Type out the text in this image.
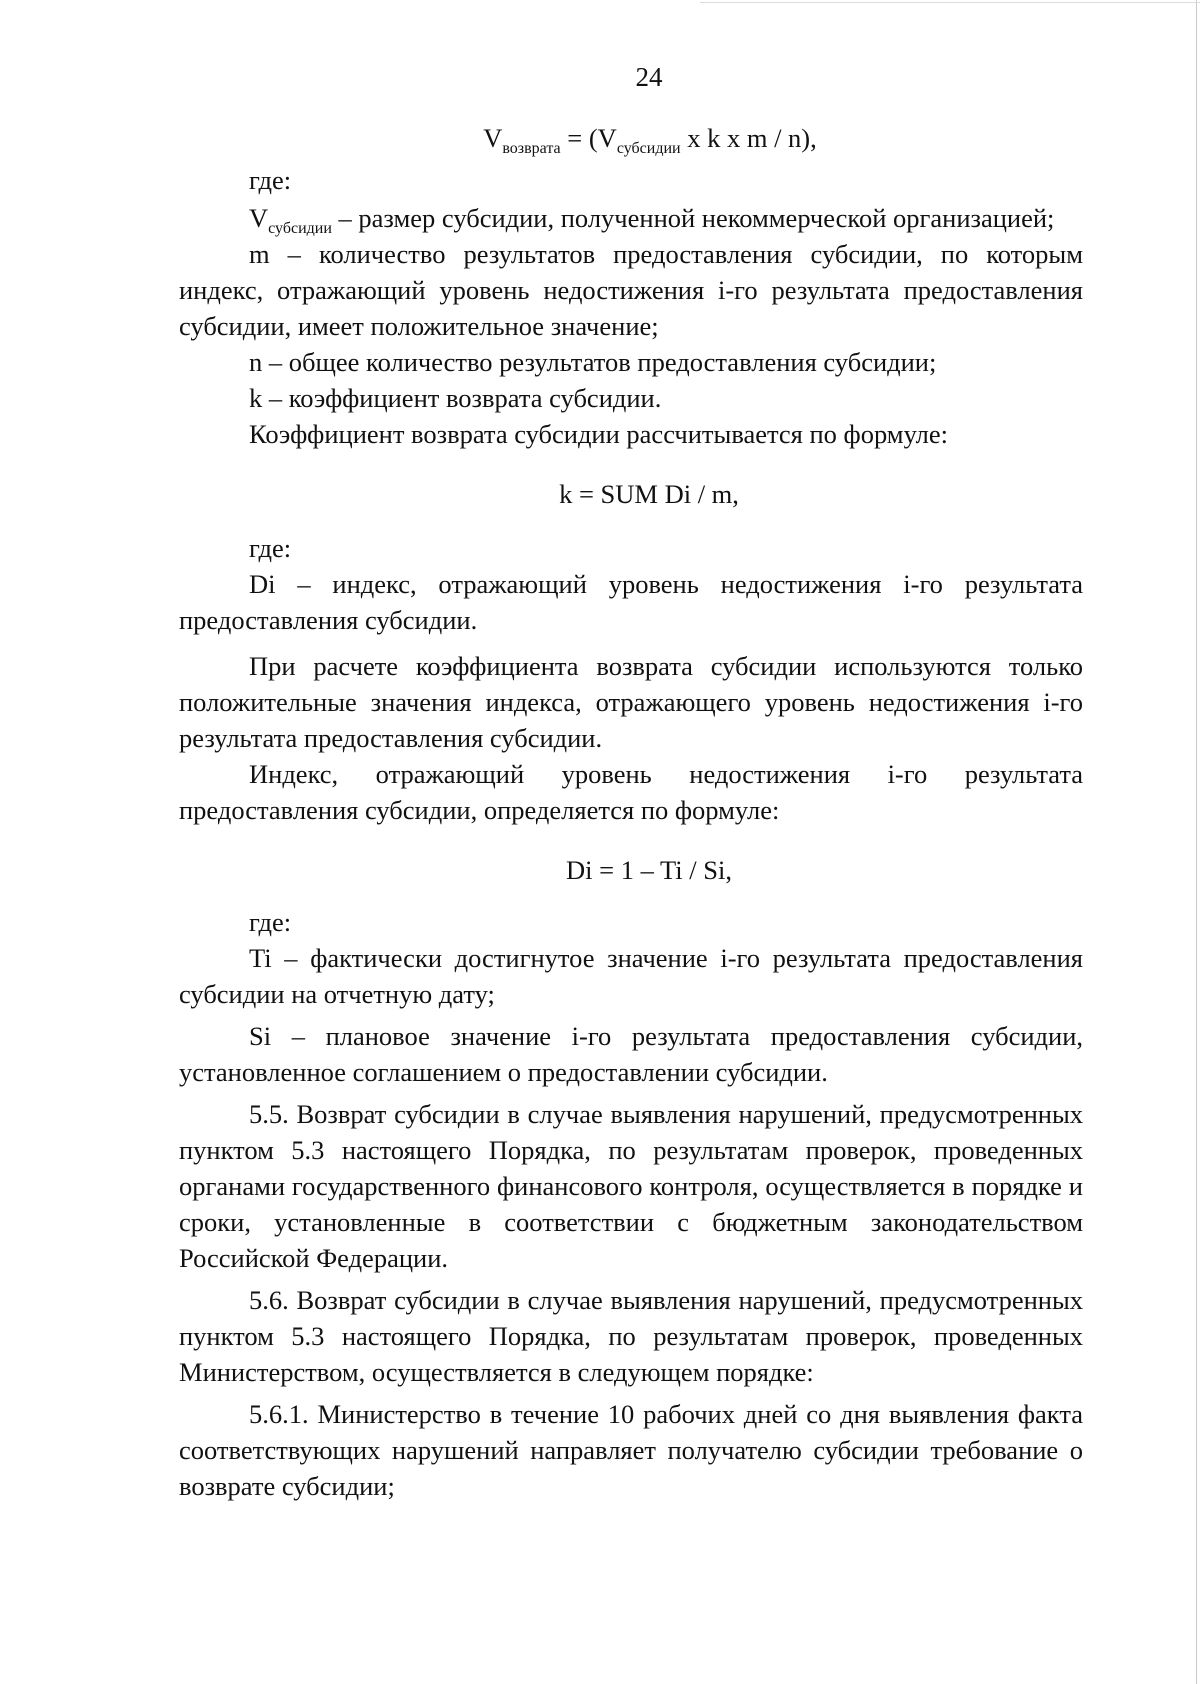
24

$V_{возврата} = (V_{субсидии}$ x k x m / n),

где:

$V_{субсидии}$ – размер субсидии, полученной некоммерческой организацией;

m – количество результатов предоставления субсидии, по которым индекс, отражающий уровень недостижения i-го результата предоставления субсидии, имеет положительное значение;

n – общее количество результатов предоставления субсидии;

k – коэффициент возврата субсидии.

Коэффициент возврата субсидии рассчитывается по формуле:

k = SUM Di / m,

где:

Di – индекс, отражающий уровень недостижения i-го результата предоставления субсидии.

При расчете коэффициента возврата субсидии используются только положительные значения индекса, отражающего уровень недостижения i-го результата предоставления субсидии.

Индекс, отражающий уровень недостижения i-го результата предоставления субсидии, определяется по формуле:

Di = 1 – Ti / Si,

где:

Ti – фактически достигнутое значение i-го результата предоставления субсидии на отчетную дату;

Si – плановое значение i-го результата предоставления субсидии, установленное соглашением о предоставлении субсидии.

5.5. Возврат субсидии в случае выявления нарушений, предусмотренных пунктом 5.3 настоящего Порядка, по результатам проверок, проведенных органами государственного финансового контроля, осуществляется в порядке и сроки, установленные в соответствии с бюджетным законодательством Российской Федерации.

5.6. Возврат субсидии в случае выявления нарушений, предусмотренных пунктом 5.3 настоящего Порядка, по результатам проверок, проведенных Министерством, осуществляется в следующем порядке:

5.6.1. Министерство в течение 10 рабочих дней со дня выявления факта соответствующих нарушений направляет получателю субсидии требование о возврате субсидии;
